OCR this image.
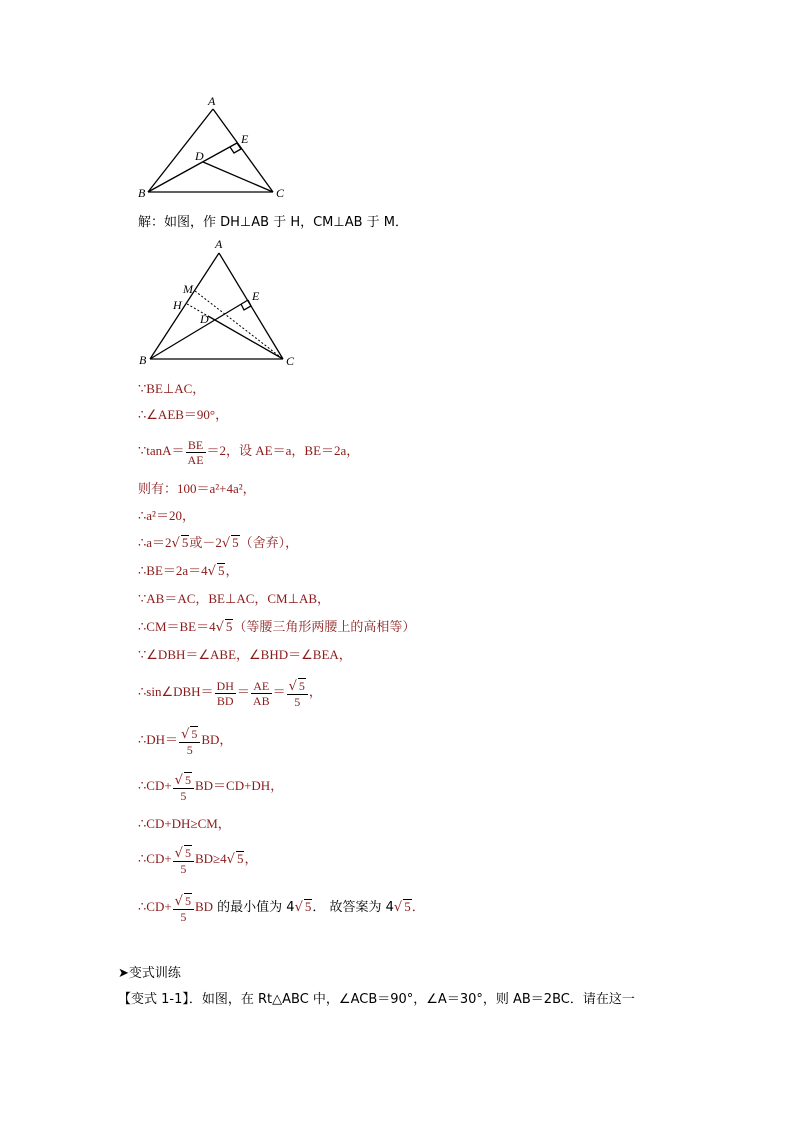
A
E
D
B	C
解：如图，作 DH⊥AB 于 H，CM⊥AB 于 M．
A
M	E
H
D
B	C
∵BE⊥AC，
∴∠AEB＝90°，
∵tanA＝ $\frac{BE}{AE} =2$，设 AE＝a，BE＝2a，
则有：100＝a²+4a²，
∴a²＝20，
∴a＝2√ 5或－2√ 5（舍弃），
∴BE＝2a＝4√ 5，
∵AB＝AC，BE⊥AC，CM⊥AB，
∴CM＝BE＝4√ 5（等腰三角形两腰上的高相等）
∵∠DBH＝∠ABE，∠BHD＝∠BEA，
∴sin∠DBH＝ $\frac{DH}{BD} = \frac{AE}{AB} = \frac{√ 5}{5}$ ，
∴DH＝ $\frac{√ 5}{5}$ BD，
∴CD+ $\frac{√ 5}{5} BD=CD+DH$，
∴CD+DH≥CM，
∴CD+ $\frac{√ 5}{5} BD\ge 4√$ 5，
∴CD+ $\frac{√ 5}{5}$ BD 的最小值为 4√ 5． 故答案为 4√ 5．
➤变式训练
【变式 1-1】．如图，在 Rt△ABC 中，∠ACB＝90°，∠A＝30°，则 AB＝2BC．请在这一
